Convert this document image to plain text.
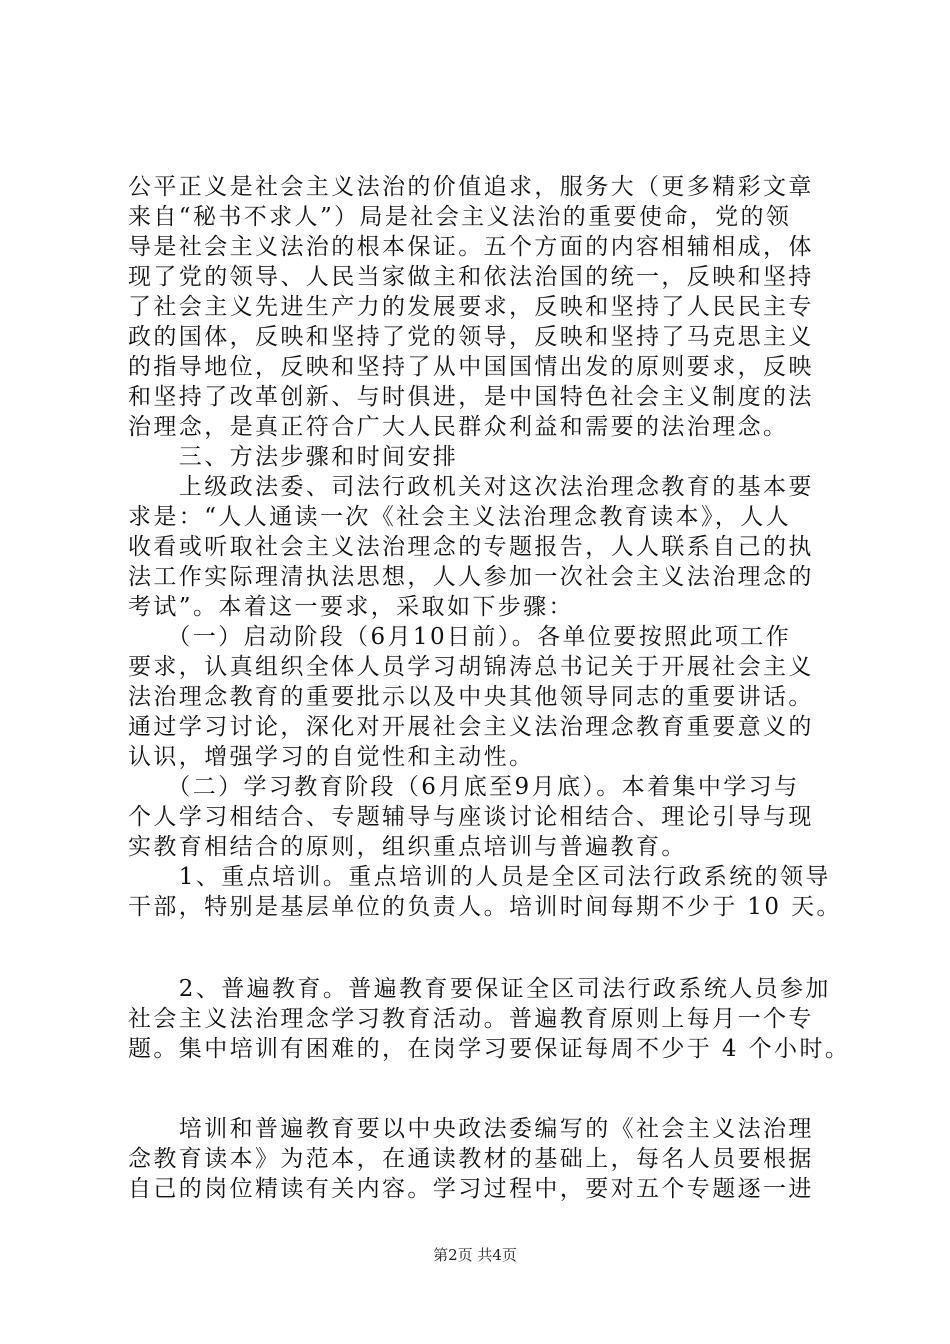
公平正义是社会主义法治的价值追求，服务大（更多精彩文章
来自“秘书不求人”）局是社会主义法治的重要使命，党的领
导是社会主义法治的根本保证。五个方面的内容相辅相成，体
现了党的领导、人民当家做主和依法治国的统一，反映和坚持
了社会主义先进生产力的发展要求，反映和坚持了人民民主专
政的国体，反映和坚持了党的领导，反映和坚持了马克思主义
的指导地位，反映和坚持了从中国国情出发的原则要求，反映
和坚持了改革创新、与时俱进，是中国特色社会主义制度的法
治理念，是真正符合广大人民群众利益和需要的法治理念。
　　三、方法步骤和时间安排
　　上级政法委、司法行政机关对这次法治理念教育的基本要
求是：“人人通读一次《社会主义法治理念教育读本》，人人
收看或听取社会主义法治理念的专题报告，人人联系自己的执
法工作实际理清执法思想，人人参加一次社会主义法治理念的
考试”。本着这一要求，采取如下步骤：
　　（一）启动阶段（6月10日前）。各单位要按照此项工作
要求，认真组织全体人员学习胡锦涛总书记关于开展社会主义
法治理念教育的重要批示以及中央其他领导同志的重要讲话。
通过学习讨论，深化对开展社会主义法治理念教育重要意义的
认识，增强学习的自觉性和主动性。
　　（二）学习教育阶段（6月底至9月底）。本着集中学习与
个人学习相结合、专题辅导与座谈讨论相结合、理论引导与现
实教育相结合的原则，组织重点培训与普遍教育。
　　1、重点培训。重点培训的人员是全区司法行政系统的领导
干部，特别是基层单位的负责人。培训时间每期不少于 10 天。
　　2、普遍教育。普遍教育要保证全区司法行政系统人员参加
社会主义法治理念学习教育活动。普遍教育原则上每月一个专
题。集中培训有困难的，在岗学习要保证每周不少于 4 个小时。
　　培训和普遍教育要以中央政法委编写的《社会主义法治理
念教育读本》为范本，在通读教材的基础上，每名人员要根据
自己的岗位精读有关内容。学习过程中，要对五个专题逐一进
第2页 共4页
